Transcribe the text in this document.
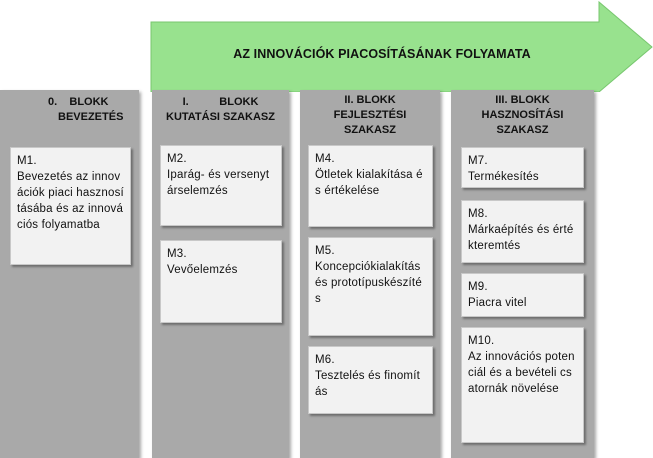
AZ INNOVÁCIÓK PIACOSÍTÁSÁNAK FOLYAMATA
0.    BLOKK
BEVEZETÉS
M1.
Bevezetés az innovációk piaci hasznosításába és az innovációs folyamatba
I.          BLOKK
KUTATÁSI SZAKASZ
M2.
Iparág- és versenytárselemzés
M3.
Vevőelemzés
II. BLOKK
FEJLESZTÉSI
SZAKASZ
M4.
Ötletek kialakítása és értékelése
M5.
Koncepciókialakítás és prototípuskészítés
M6.
Tesztelés és finomítás
III. BLOKK
HASZNOSÍTÁSI
SZAKASZ
M7.
Termékesítés
M8.
Márkaépítés és értékteremtés
M9.
Piacra vitel
M10.
Az innovációs potenciál és a bevételi csatornák növelése
